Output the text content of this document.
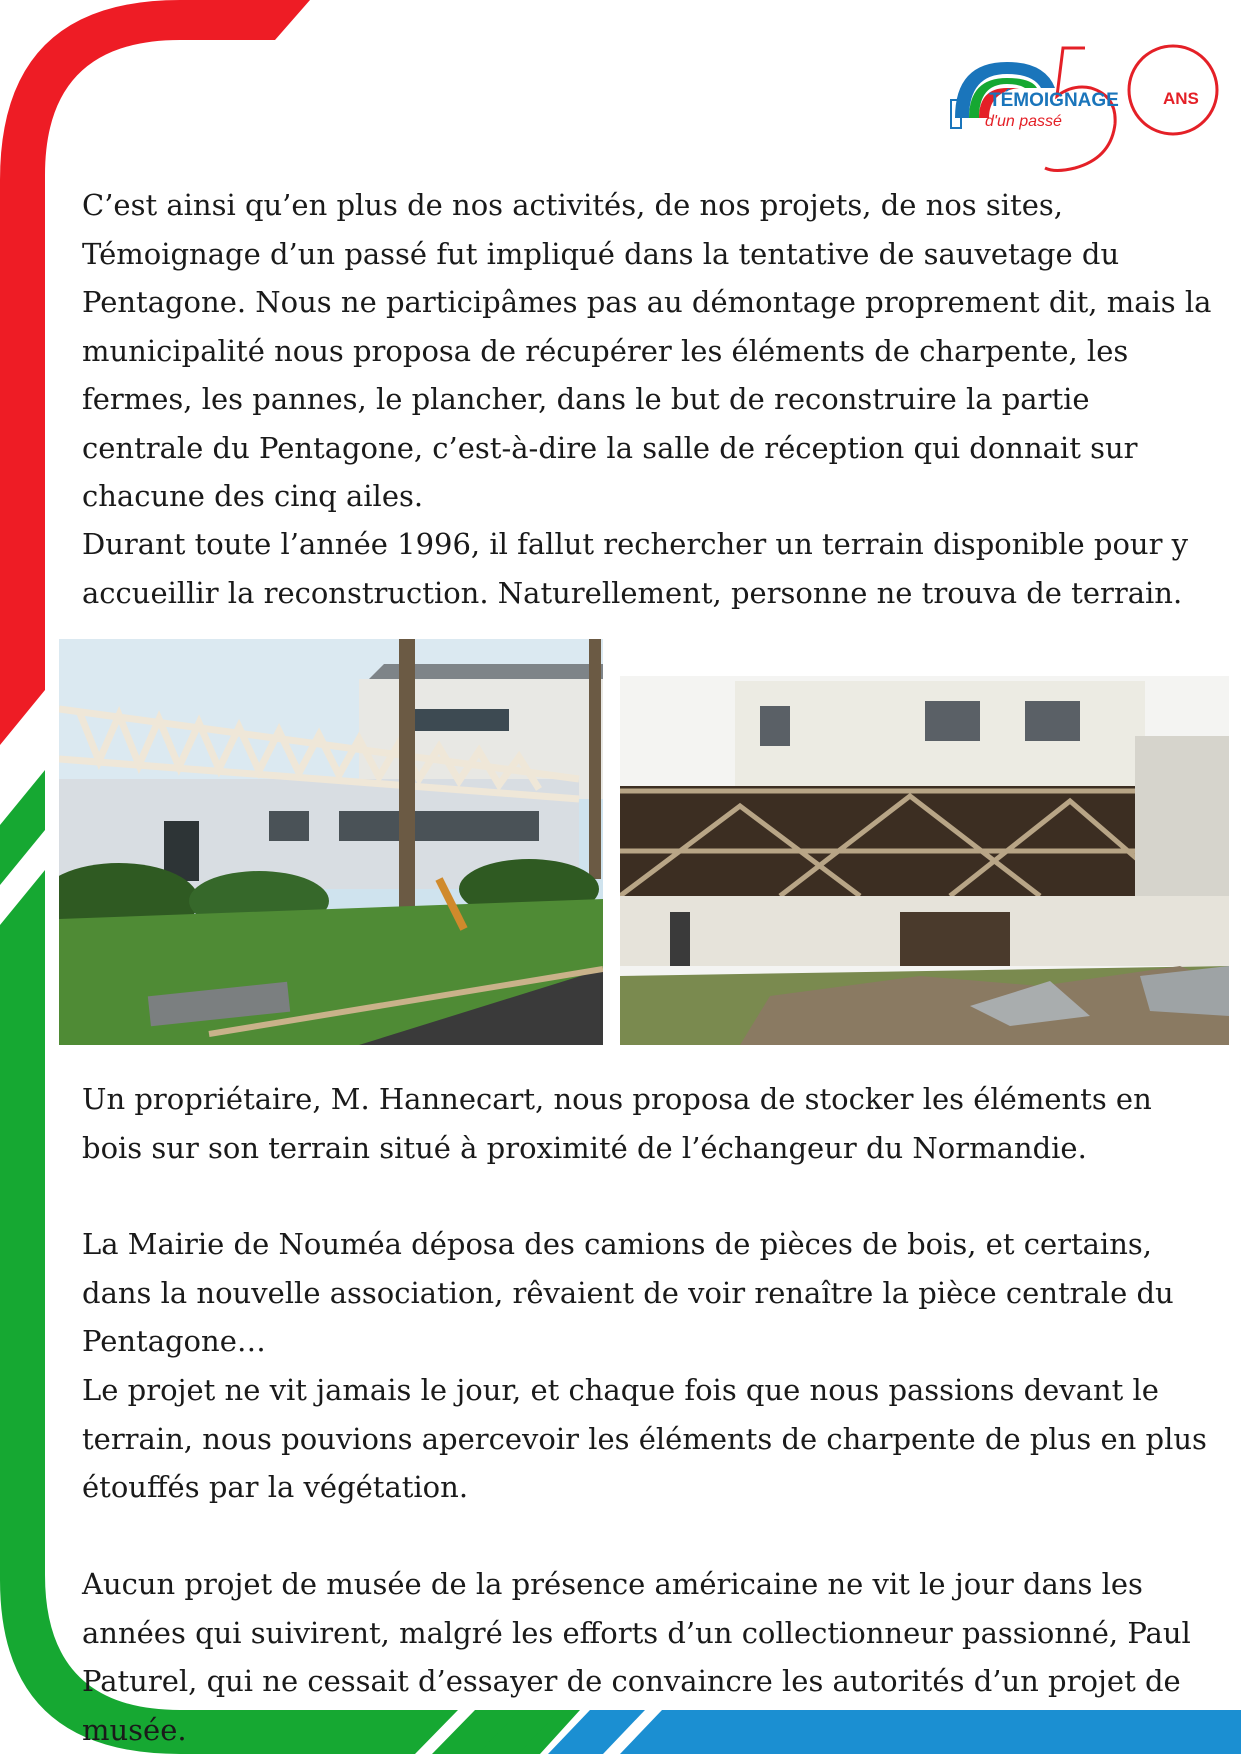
ANS
TÉMOIGNAGE
d'un passé

C’est ainsi qu’en plus de nos activités, de nos projets, de nos sites, Témoignage d’un passé fut impliqué dans la tentative de sauvetage du Pentagone. Nous ne participâmes pas au démontage proprement dit, mais la municipalité nous proposa de récupérer les éléments de charpente, les fermes, les pannes, le plancher, dans le but de reconstruire la partie centrale du Pentagone, c’est-à-dire la salle de réception qui donnait sur chacune des cinq ailes.

Durant toute l’année 1996, il fallut rechercher un terrain disponible pour y accueillir la reconstruction. Naturellement, personne ne trouva de terrain.

Un propriétaire, M. Hannecart, nous proposa de stocker les éléments en bois sur son terrain situé à proximité de l’échangeur du Normandie.

La Mairie de Nouméa déposa des camions de pièces de bois, et certains, dans la nouvelle association, rêvaient de voir renaître la pièce centrale du Pentagone…

Le projet ne vit jamais le jour, et chaque fois que nous passions devant le terrain, nous pouvions apercevoir les éléments de charpente de plus en plus étouffés par la végétation.

Aucun projet de musée de la présence américaine ne vit le jour dans les années qui suivirent, malgré les efforts d’un collectionneur passionné, Paul Paturel, qui ne cessait d’essayer de convaincre les autorités d’un projet de musée.
